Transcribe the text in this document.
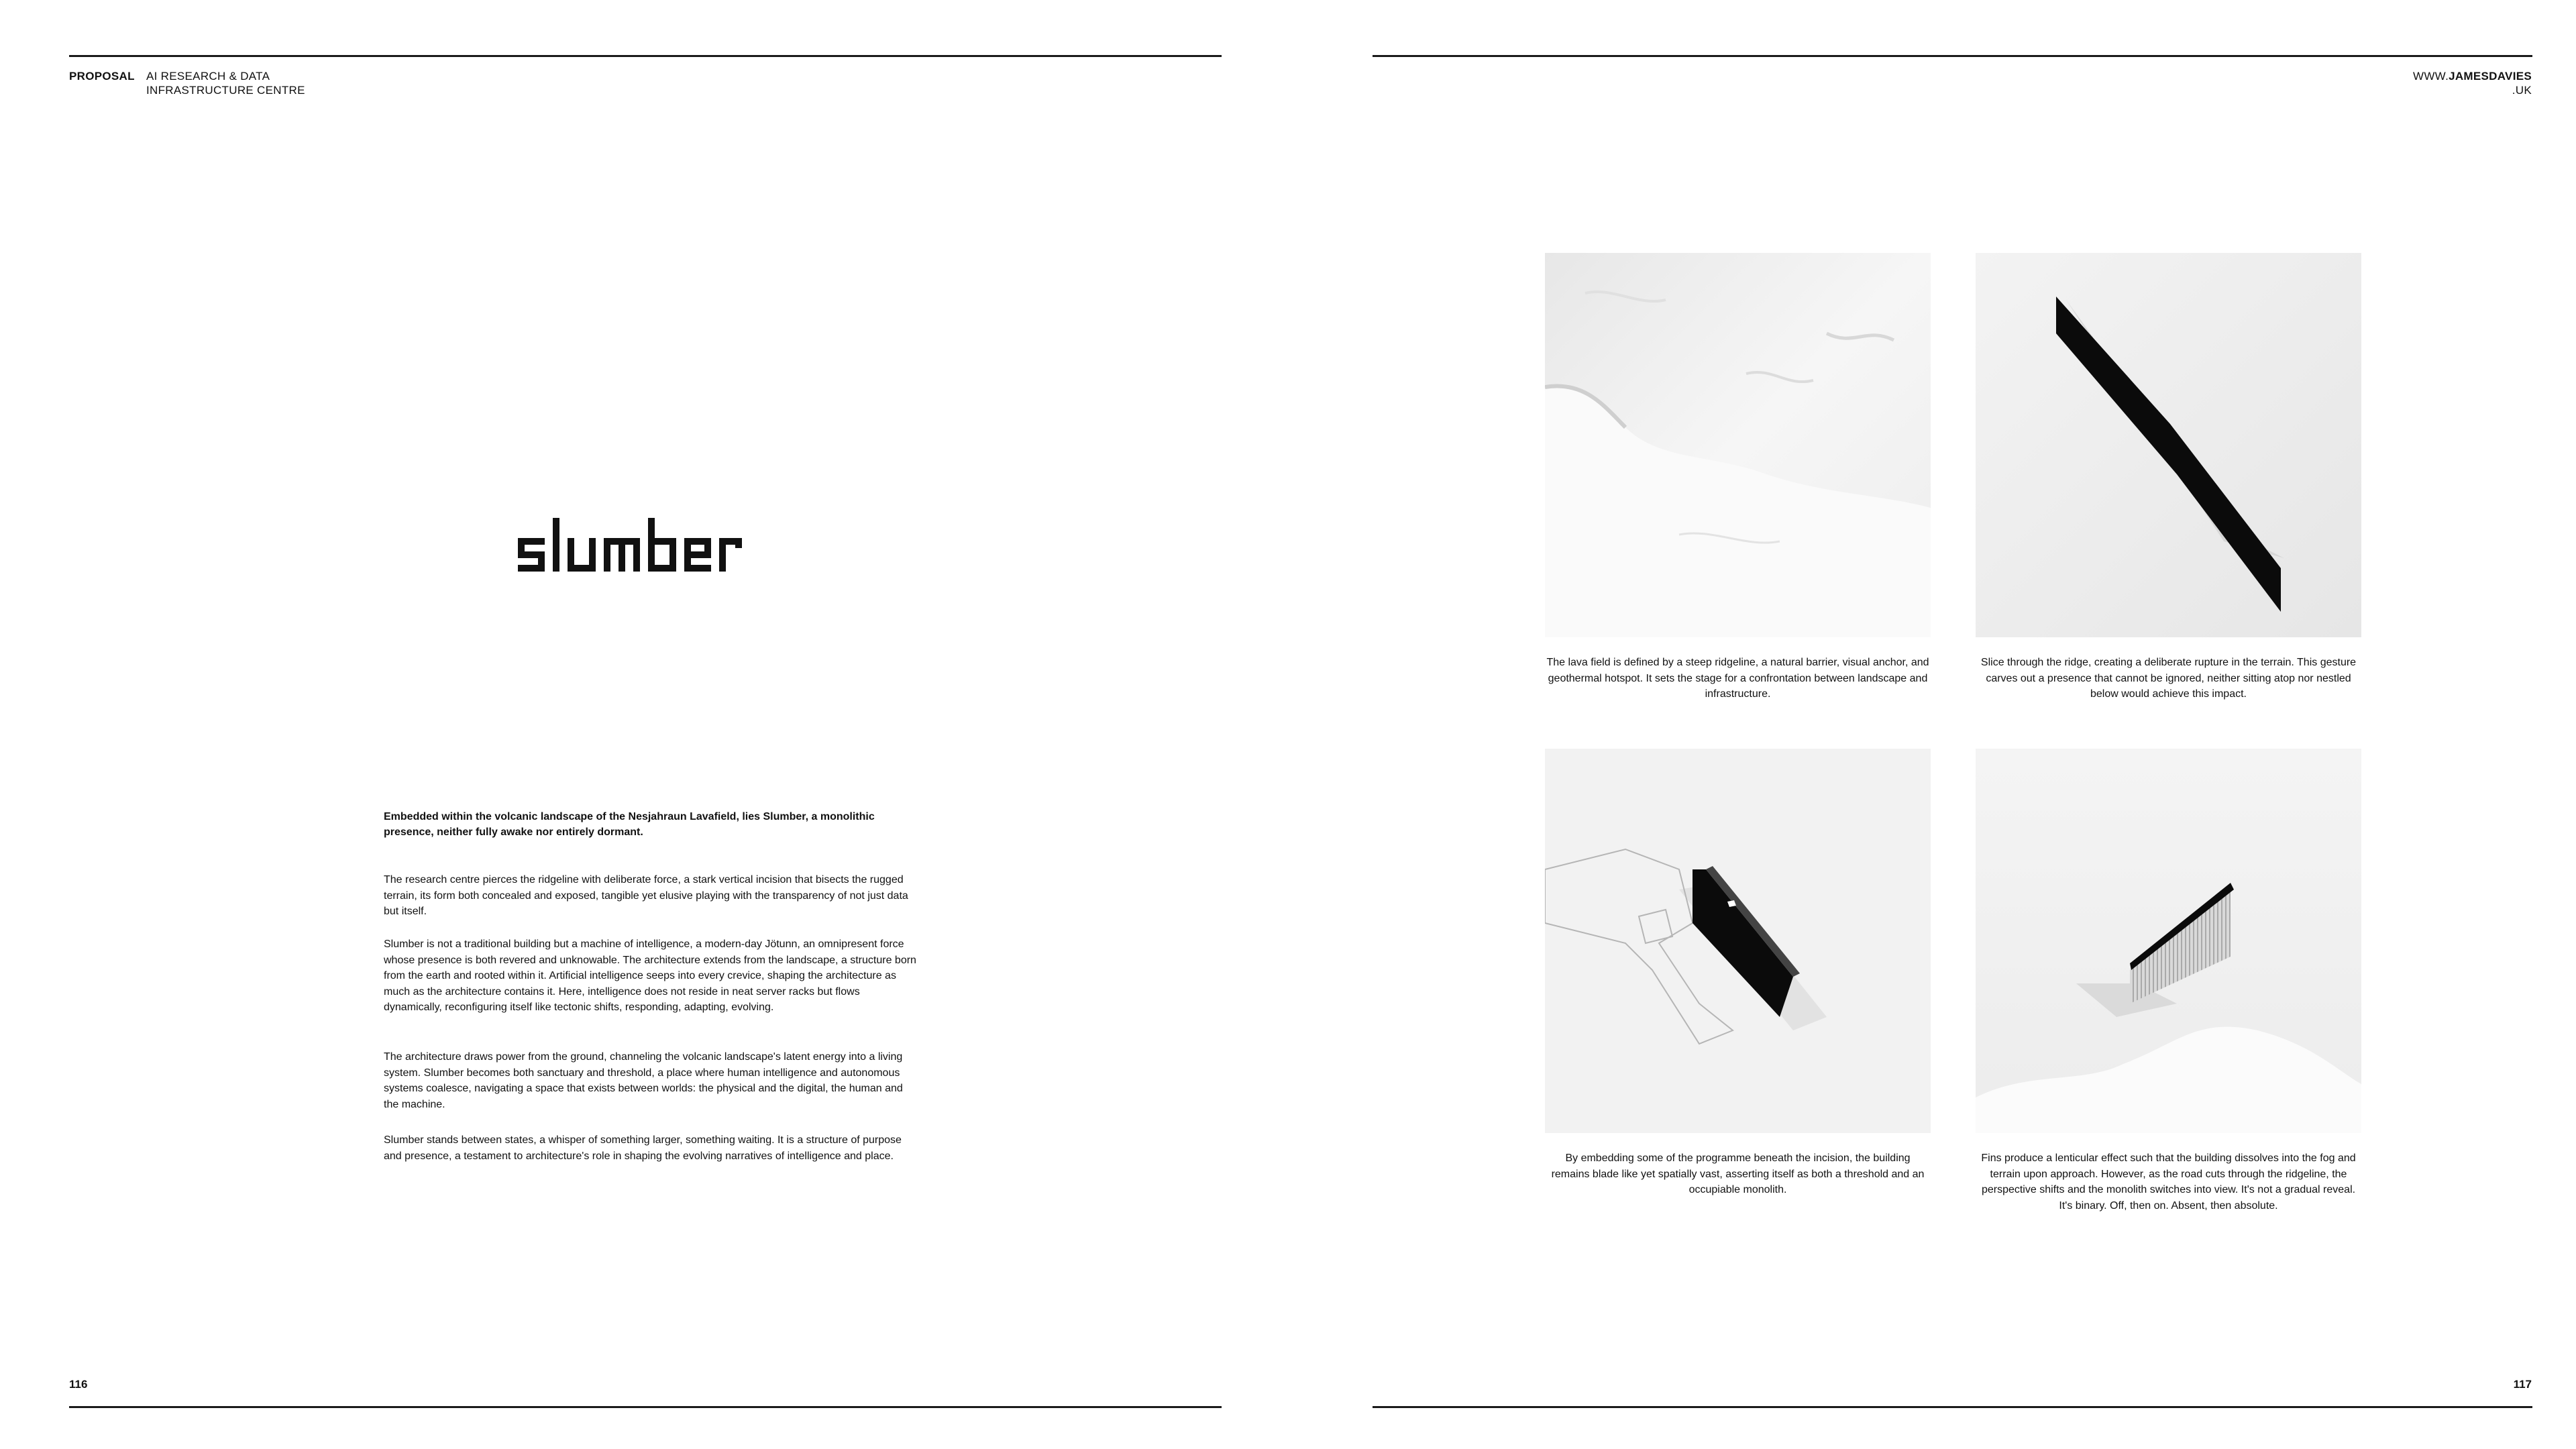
PROPOSAL AI RESEARCH & DATA
INFRASTRUCTURE CENTRE
WWW.JAMESDAVIES
.UK
Embedded within the volcanic landscape of the Nesjahraun Lavafield, lies Slumber, a monolithic presence, neither fully awake nor entirely dormant.
The research centre pierces the ridgeline with deliberate force, a stark vertical incision that bisects the rugged terrain, its form both concealed and exposed, tangible yet elusive playing with the transparency of not just data but itself.
Slumber is not a traditional building but a machine of intelligence, a modern-day Jötunn, an omnipresent force whose presence is both revered and unknowable. The architecture extends from the landscape, a structure born from the earth and rooted within it. Artificial intelligence seeps into every crevice, shaping the architecture as much as the architecture contains it. Here, intelligence does not reside in neat server racks but flows dynamically, reconfiguring itself like tectonic shifts, responding, adapting, evolving.
The architecture draws power from the ground, channeling the volcanic landscape's latent energy into a living system. Slumber becomes both sanctuary and threshold, a place where human intelligence and autonomous systems coalesce, navigating a space that exists between worlds: the physical and the digital, the human and the machine.
Slumber stands between states, a whisper of something larger, something waiting. It is a structure of purpose and presence, a testament to architecture's role in shaping the evolving narratives of intelligence and place.
116	117
The lava field is defined by a steep ridgeline, a natural barrier, visual anchor, and geothermal hotspot. It sets the stage for a confrontation between landscape and infrastructure.
Slice through the ridge, creating a deliberate rupture in the terrain. This gesture carves out a presence that cannot be ignored, neither sitting atop nor nestled below would achieve this impact.
By embedding some of the programme beneath the incision, the building remains blade like yet spatially vast, asserting itself as both a threshold and an occupiable monolith.
Fins produce a lenticular effect such that the building dissolves into the fog and terrain upon approach. However, as the road cuts through the ridgeline, the perspective shifts and the monolith switches into view. It's not a gradual reveal. It's binary. Off, then on. Absent, then absolute.
